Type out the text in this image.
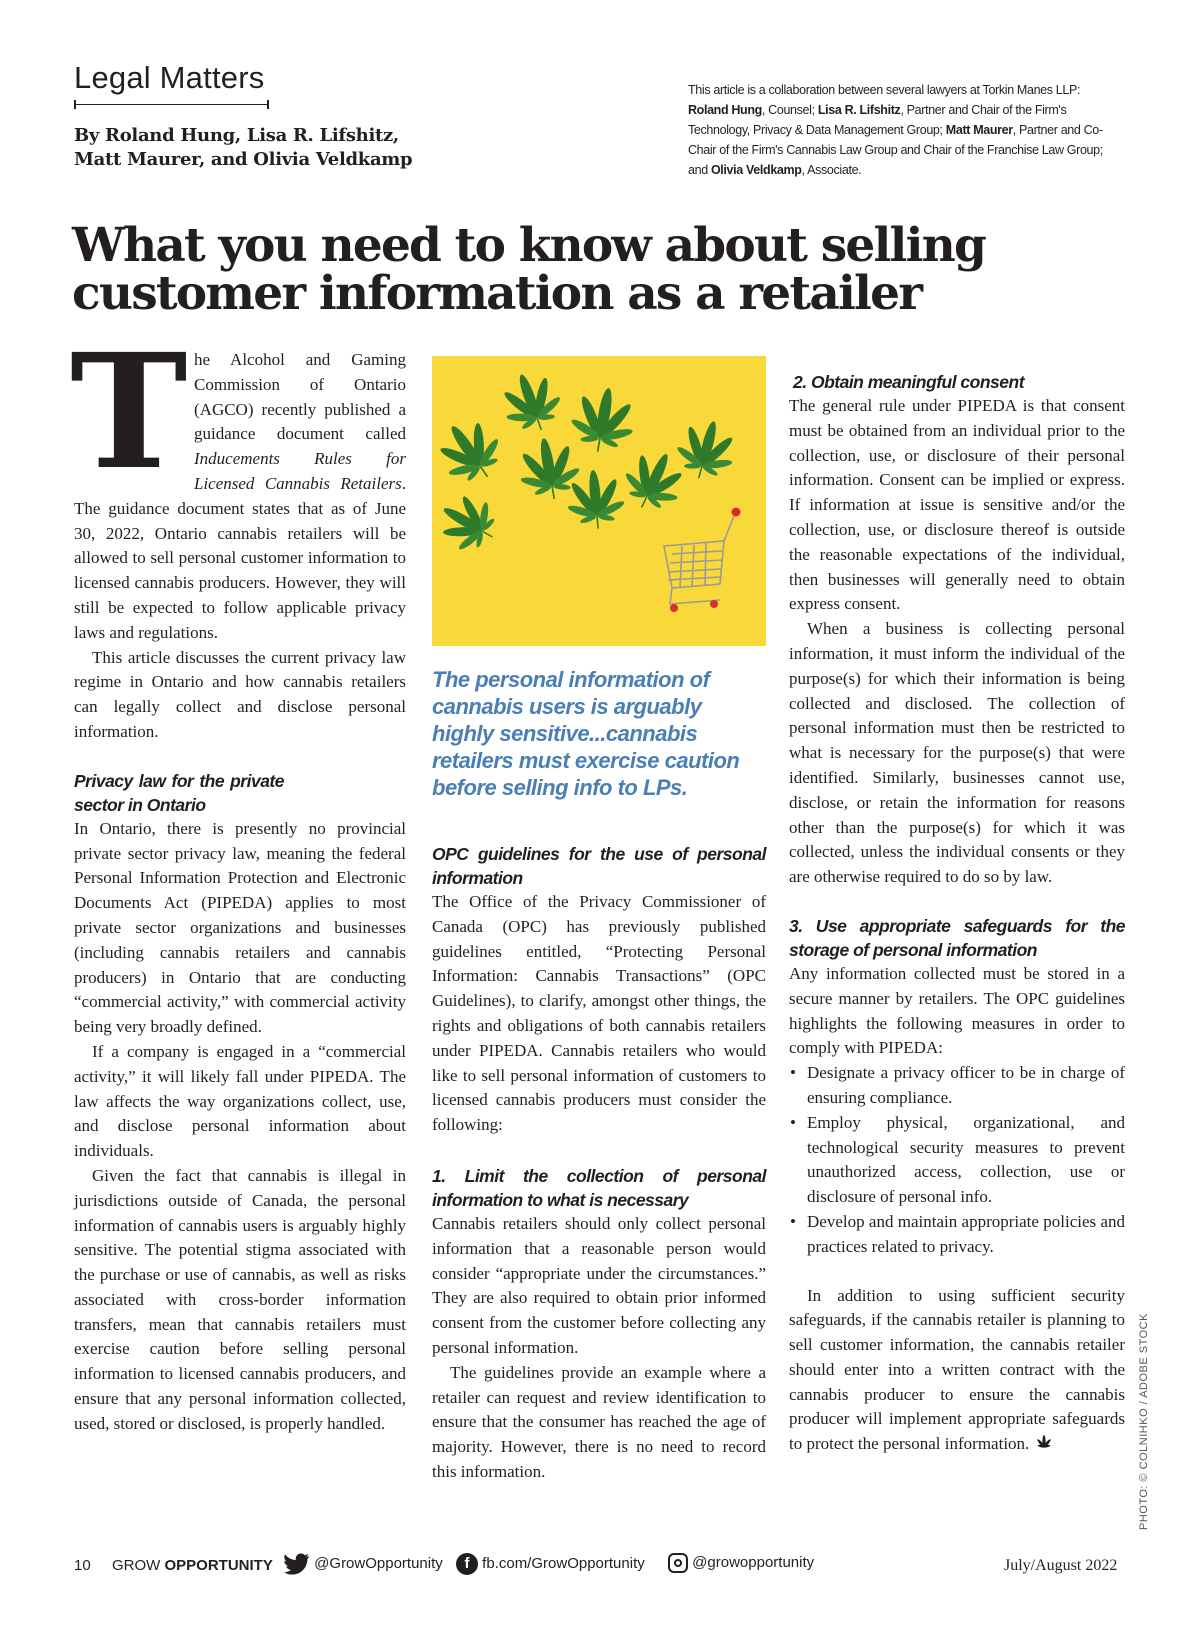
Legal Matters
By Roland Hung, Lisa R. Lifshitz, Matt Maurer, and Olivia Veldkamp
This article is a collaboration between several lawyers at Torkin Manes LLP: Roland Hung, Counsel; Lisa R. Lifshitz, Partner and Chair of the Firm's Technology, Privacy & Data Management Group; Matt Maurer, Partner and Co-Chair of the Firm's Cannabis Law Group and Chair of the Franchise Law Group; and Olivia Veldkamp, Associate.
What you need to know about selling
customer information as a retailer

The Alcohol and Gaming Commission of Ontario (AGCO) recently published a guidance document called Inducements Rules for Licensed Cannabis Retailers. The guidance document states that as of June 30, 2022, Ontario cannabis retailers will be allowed to sell personal customer information to licensed cannabis producers. However, they will still be expected to follow applicable privacy laws and regulations.

This article discusses the current privacy law regime in Ontario and how cannabis retailers can legally collect and disclose personal information.

Privacy law for the private sector in Ontario

In Ontario, there is presently no provincial private sector privacy law, meaning the federal Personal Information Protection and Electronic Documents Act (PIPEDA) applies to most private sector organizations and businesses (including cannabis retailers and cannabis producers) in Ontario that are conducting “commercial activity,” with commercial activity being very broadly defined.

If a company is engaged in a “commercial activity,” it will likely fall under PIPEDA. The law affects the way organizations collect, use, and disclose personal information about individuals.

Given the fact that cannabis is illegal in jurisdictions outside of Canada, the personal information of cannabis users is arguably highly sensitive. The potential stigma associated with the purchase or use of cannabis, as well as risks associated with cross-border information transfers, mean that cannabis retailers must exercise caution before selling personal information to licensed cannabis producers, and ensure that any personal information collected, used, stored or disclosed, is properly handled.

The personal information of cannabis users is arguably highly sensitive...cannabis retailers must exercise caution before selling info to LPs.
OPC guidelines for the use of personal information

The Office of the Privacy Commissioner of Canada (OPC) has previously published guidelines entitled, “Protecting Personal Information: Cannabis Transactions” (OPC Guidelines), to clarify, amongst other things, the rights and obligations of both cannabis retailers under PIPEDA. Cannabis retailers who would like to sell personal information of customers to licensed cannabis producers must consider the following:

1. Limit the collection of personal information to what is necessary

Cannabis retailers should only collect personal information that a reasonable person would consider “appropriate under the circumstances.” They are also required to obtain prior informed consent from the customer before collecting any personal information.

The guidelines provide an example where a retailer can request and review identification to ensure that the consumer has reached the age of majority. However, there is no need to record this information.

2. Obtain meaningful consent

The general rule under PIPEDA is that consent must be obtained from an individual prior to the collection, use, or disclosure of their personal information. Consent can be implied or express. If information at issue is sensitive and/or the collection, use, or disclosure thereof is outside the reasonable expectations of the individual, then businesses will generally need to obtain express consent.

When a business is collecting personal information, it must inform the individual of the purpose(s) for which their information is being collected and disclosed. The collection of personal information must then be restricted to what is necessary for the purpose(s) that were identified. Similarly, businesses cannot use, disclose, or retain the information for reasons other than the purpose(s) for which it was collected, unless the individual consents or they are otherwise required to do so by law.

3. Use appropriate safeguards for the storage of personal information

Any information collected must be stored in a secure manner by retailers. The OPC guidelines highlights the following measures in order to comply with PIPEDA:

• Designate a privacy officer to be in charge of ensuring compliance.
• Employ physical, organizational, and technological security measures to prevent unauthorized access, collection, use or disclosure of personal info.
• Develop and maintain appropriate policies and practices related to privacy.

In addition to using sufficient security safeguards, if the cannabis retailer is planning to sell customer information, the cannabis retailer should enter into a written contract with the cannabis producer to ensure the cannabis producer will implement appropriate safeguards to protect the personal information.	PHOTO: © COLNIHKO / ADOBE STOCK
10 GROW OPPORTUNITY	@GrowOpportunity	f fb.com/GrowOpportunity	@growopportunity	July/August 2022
